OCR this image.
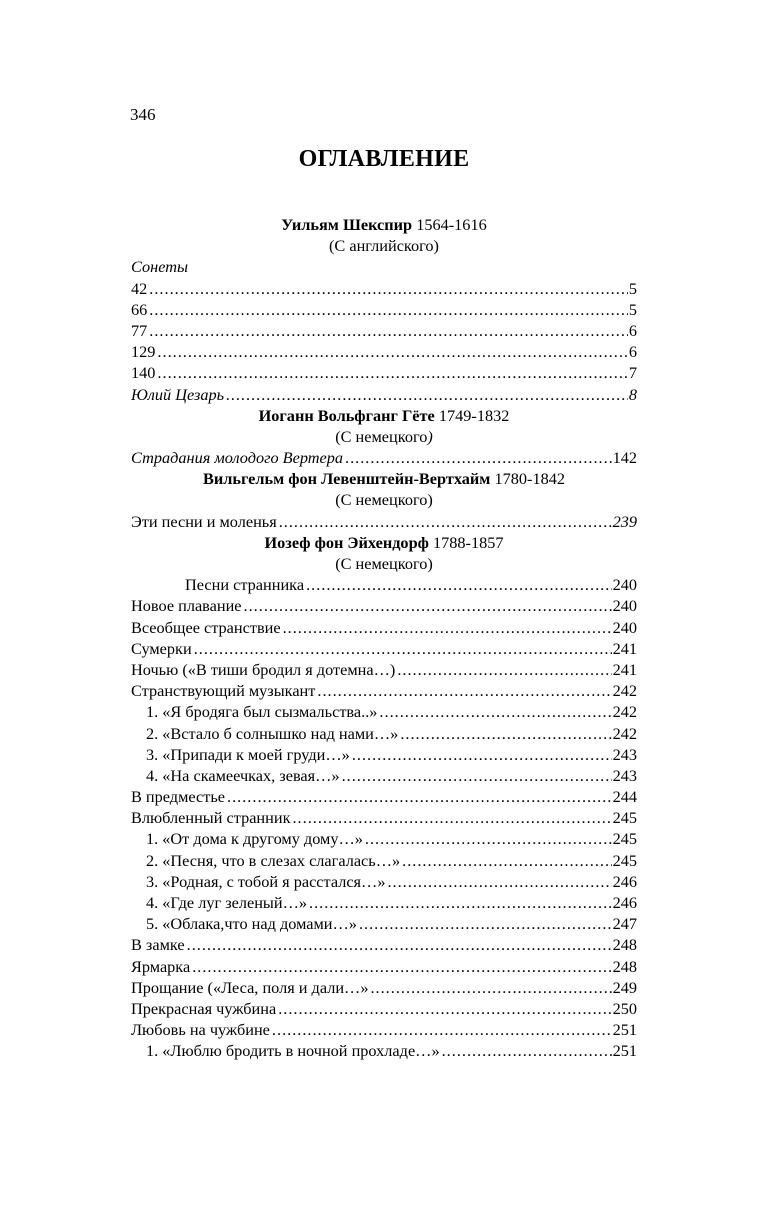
346
ОГЛАВЛЕНИЕ
Уильям Шекспир 1564-1616
(С английского)
Сонеты
42 .....	5
66 .....	5
77 .....	6
129 .....	6
140 .....	7
Юлий Цезарь .....	8
Иоганн Вольфганг Гёте 1749-1832
(С немецкого)
Страдания молодого Вертера .....	142
Вильгельм фон Левенштейн-Вертхайм 1780-1842
(С немецкого)
Эти песни и моленья .....	239
Иозеф фон Эйхендорф 1788-1857
(С немецкого)
Песни странника .....	240
Новое плавание .....	240
Всеобщее странствие .....	240
Сумерки .....	241
Ночью («В тиши бродил я дотемна…) .....	241
Странствующий музыкант .....	242
1. «Я бродяга был сызмальства..» .....	242
2. «Встало б солнышко над нами…» .....	242
3. «Припади к моей груди…» .....	243
4. «На скамеечках, зевая…» .....	243
В предместье .....	244
Влюбленный странник .....	245
1. «От дома к другому дому…» .....	245
2. «Песня, что в слезах слагалась…» .....	245
3. «Родная, с тобой я расстался…» .....	246
4. «Где луг зеленый…» .....	246
5. «Облака,что над домами…» .....	247
В замке .....	248
Ярмарка .....	248
Прощание («Леса, поля и дали…» .....	249
Прекрасная чужбина .....	250
Любовь на чужбине .....	251
1. «Люблю бродить в ночной прохладе…» .....	251
